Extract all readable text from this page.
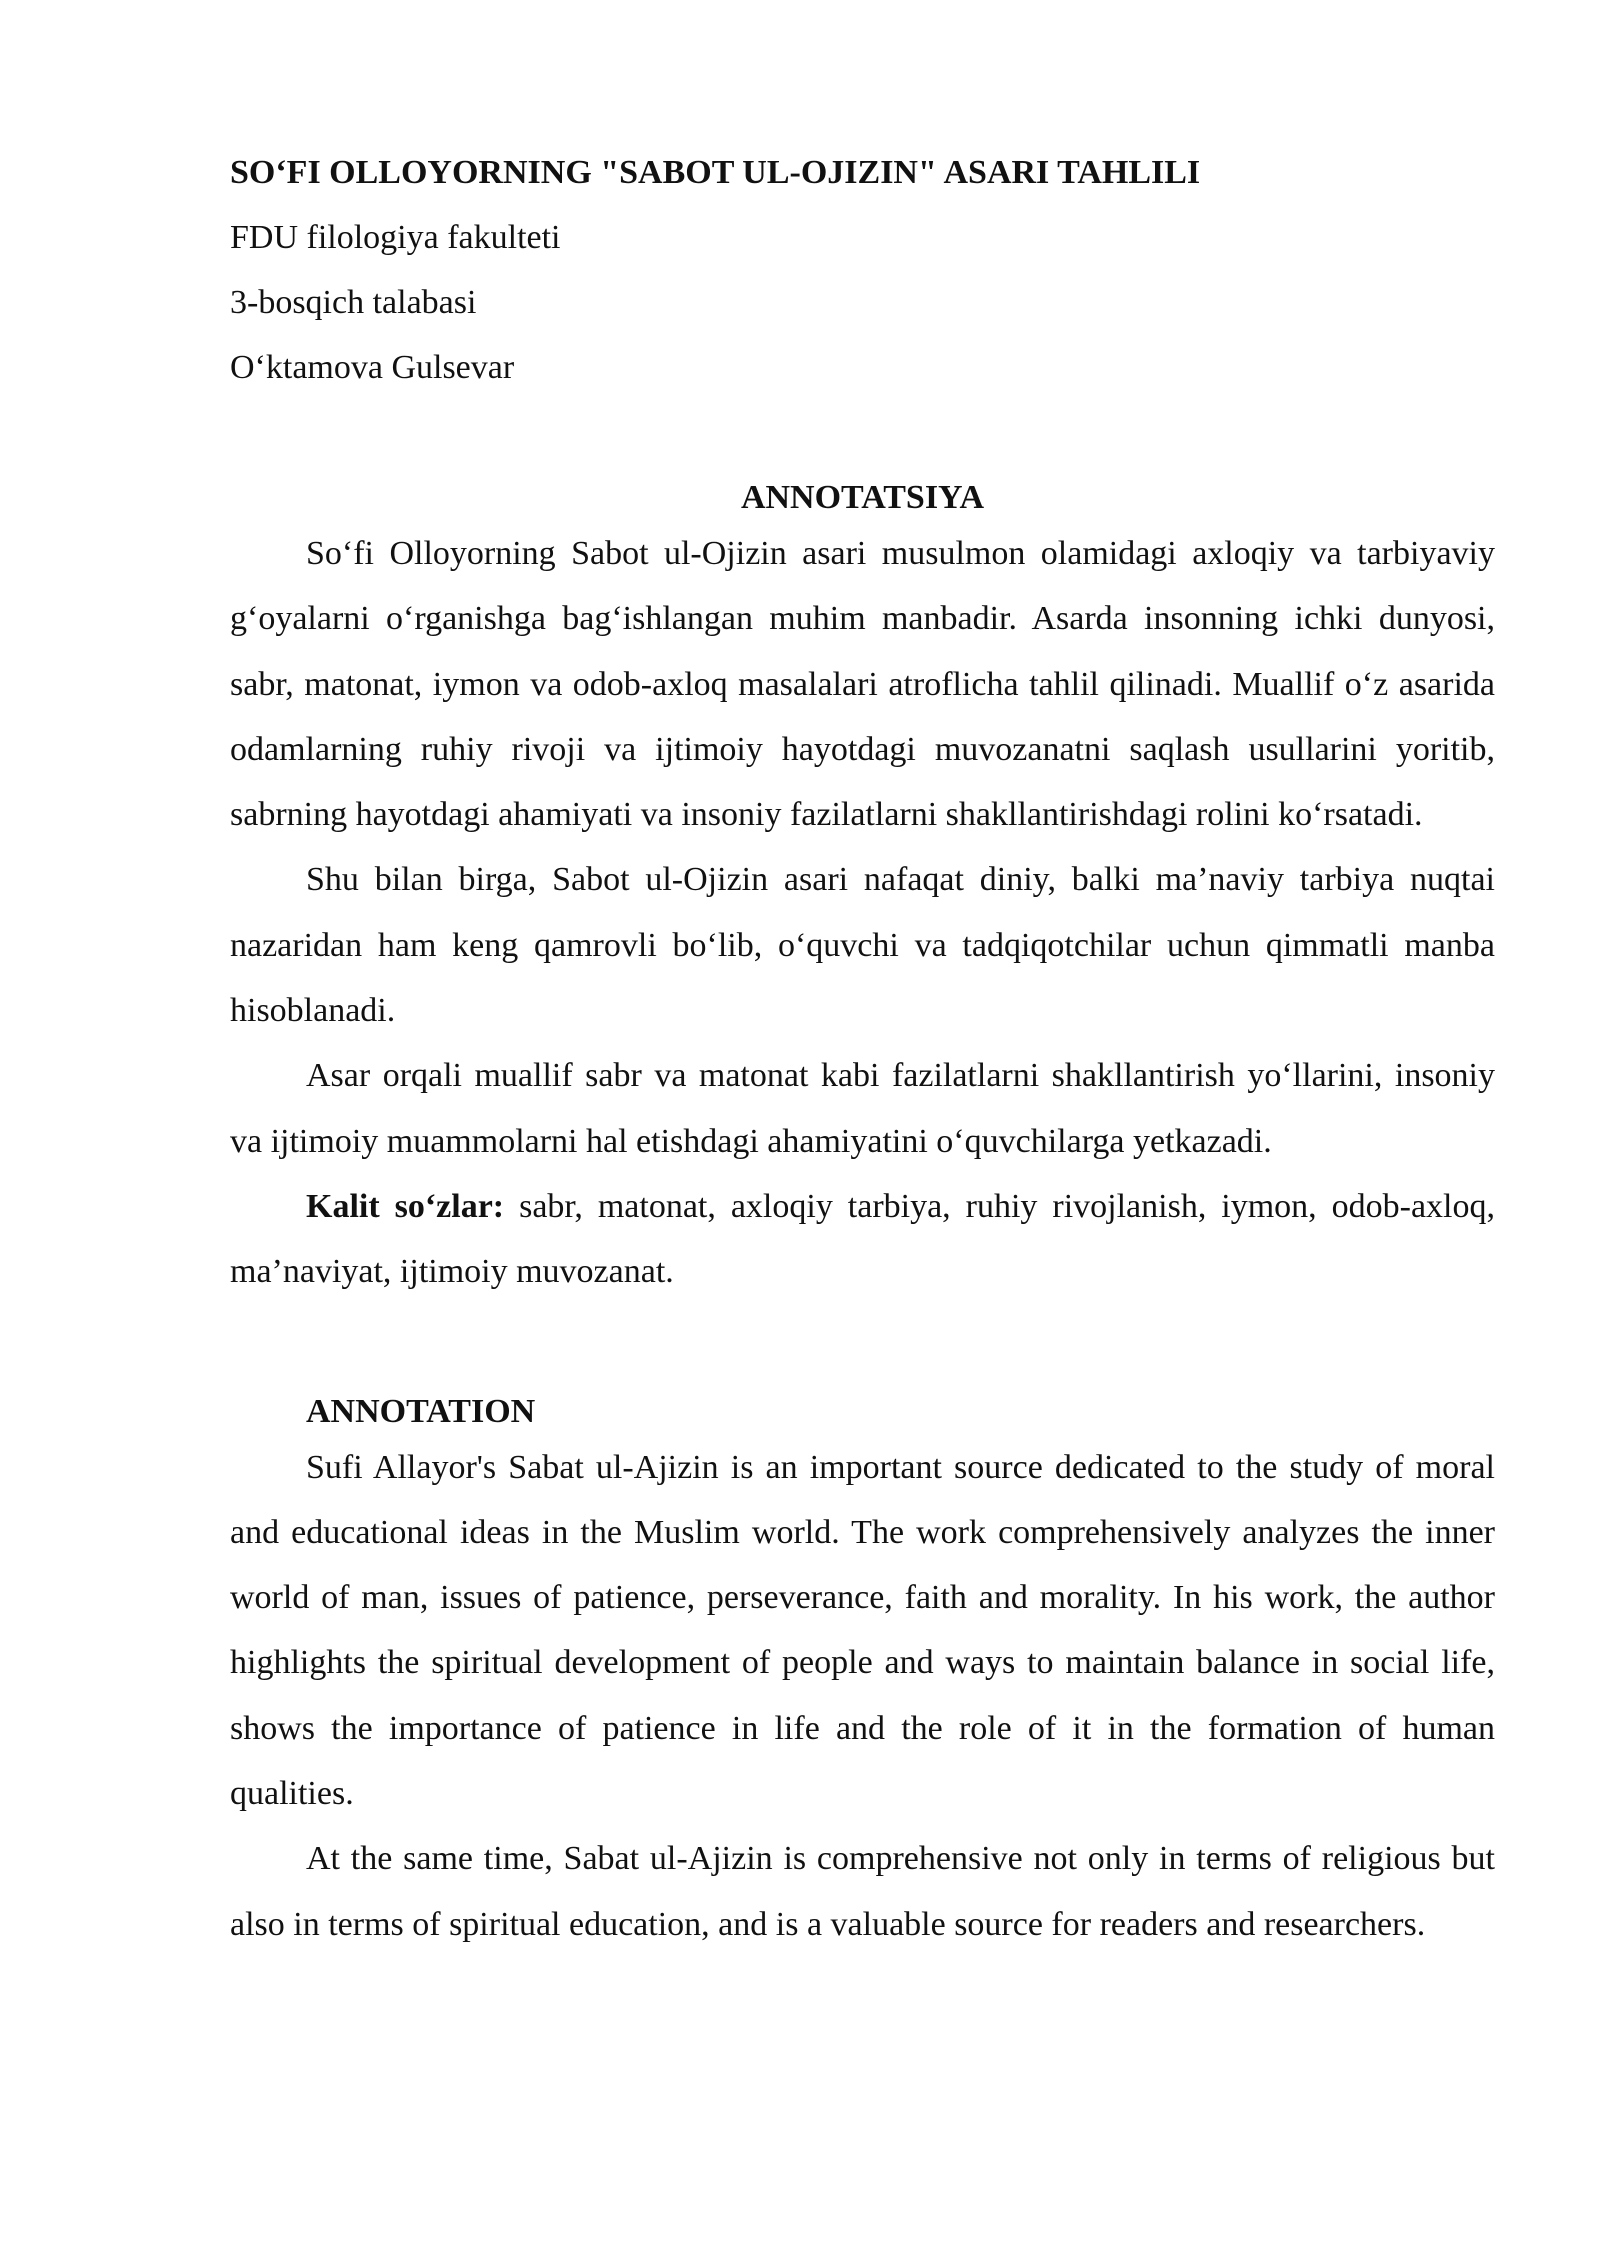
SO‘FI OLLOYORNING "SABOT UL-OJIZIN" ASARI TAHLILI

FDU filologiya fakulteti

3-bosqich talabasi

O‘ktamova Gulsevar

ANNOTATSIYA

So‘fi Olloyorning Sabot ul-Ojizin asari musulmon olamidagi axloqiy va tarbiyaviy g‘oyalarni o‘rganishga bag‘ishlangan muhim manbadir. Asarda insonning ichki dunyosi, sabr, matonat, iymon va odob-axloq masalalari atroflicha tahlil qilinadi. Muallif o‘z asarida odamlarning ruhiy rivoji va ijtimoiy hayotdagi muvozanatni saqlash usullarini yoritib, sabrning hayotdagi ahamiyati va insoniy fazilatlarni shakllantirishdagi rolini ko‘rsatadi.

Shu bilan birga, Sabot ul-Ojizin asari nafaqat diniy, balki ma’naviy tarbiya nuqtai nazaridan ham keng qamrovli bo‘lib, o‘quvchi va tadqiqotchilar uchun qimmatli manba hisoblanadi.

Asar orqali muallif sabr va matonat kabi fazilatlarni shakllantirish yo‘llarini, insoniy va ijtimoiy muammolarni hal etishdagi ahamiyatini o‘quvchilarga yetkazadi.

Kalit so‘zlar: sabr, matonat, axloqiy tarbiya, ruhiy rivojlanish, iymon, odob-axloq, ma’naviyat, ijtimoiy muvozanat.

ANNOTATION

Sufi Allayor's Sabat ul-Ajizin is an important source dedicated to the study of moral and educational ideas in the Muslim world. The work comprehensively analyzes the inner world of man, issues of patience, perseverance, faith and morality. In his work, the author highlights the spiritual development of people and ways to maintain balance in social life, shows the importance of patience in life and the role of it in the formation of human qualities.

At the same time, Sabat ul-Ajizin is comprehensive not only in terms of religious but also in terms of spiritual education, and is a valuable source for readers and researchers.
